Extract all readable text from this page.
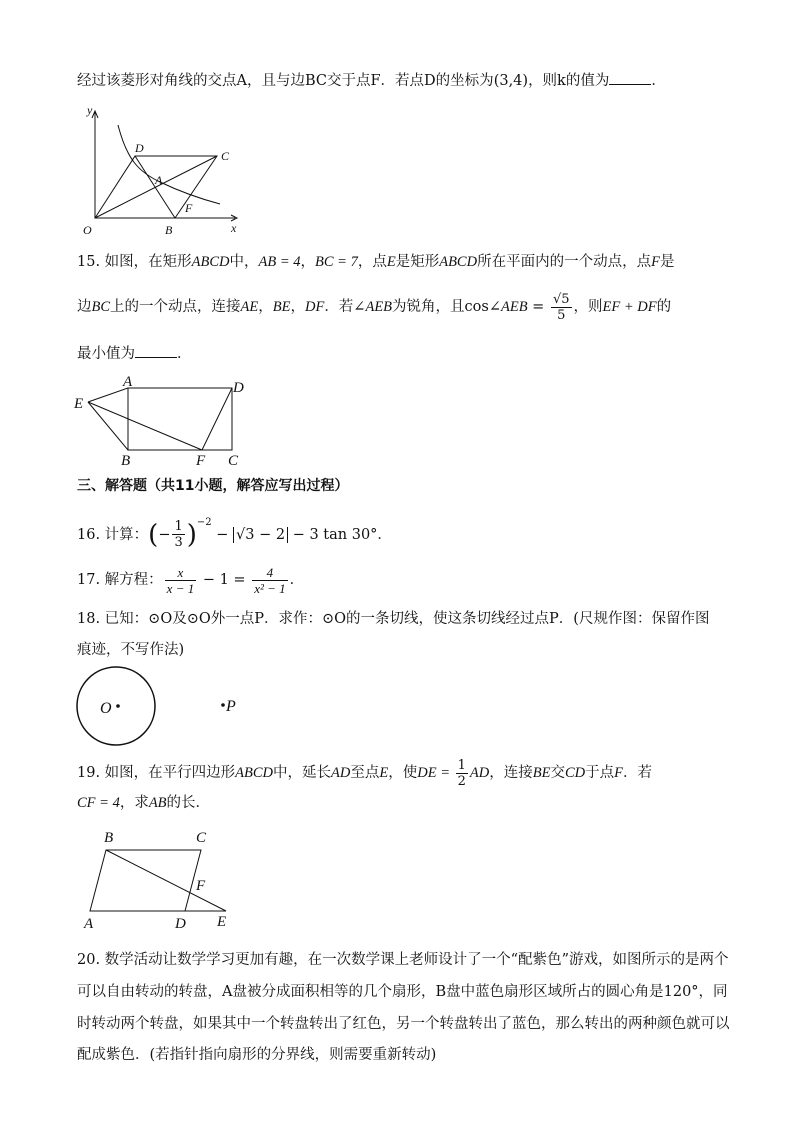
经过该菱形对角线的交点A，且与边BC交于点F．若点D的坐标为(3,4)，则k的值为	．
y
x
O
D
C
A
F
B
15. 如图，在矩形ABCD中，AB = 4，BC = 7，点E是矩形ABCD所在平面内的一个动点，点F是
边BC上的一个动点，连接AE，BE，DF．若∠AEB为锐角，且cos∠AEB = $\frac{√5}{5}$ ，则EF + DF的
最小值为	．
A	D
E
B	F C
三、解答题（共11小题，解答应写出过程）
16. 计算：(− $\frac{1}{3} )^{-2} - √3 - 2 - 3$ tan 30°．
17. 解方程： $\frac{x}{x - 1} - 1 = \frac{4}{\text{x² − 1}}$ ．
18. 已知：⊙O及⊙O外一点P．求作：⊙O的一条切线，使这条切线经过点P．(尺规作图：保留作图
痕迹，不写作法)
O	P
19. 如图，在平行四边形ABCD中，延长AD至点E，使DE = $\frac{1}{2}$ AD，连接BE交CD于点F．若
CF = 4，求AB的长．
B	C
F
A	D E
20. 数学活动让数学学习更加有趣，在一次数学课上老师设计了一个“配紫色”游戏，如图所示的是两个
可以自由转动的转盘，A盘被分成面积相等的几个扇形，B盘中蓝色扇形区域所占的圆心角是120°，同
时转动两个转盘，如果其中一个转盘转出了红色，另一个转盘转出了蓝色，那么转出的两种颜色就可以
配成紫色．(若指针指向扇形的分界线，则需要重新转动)
